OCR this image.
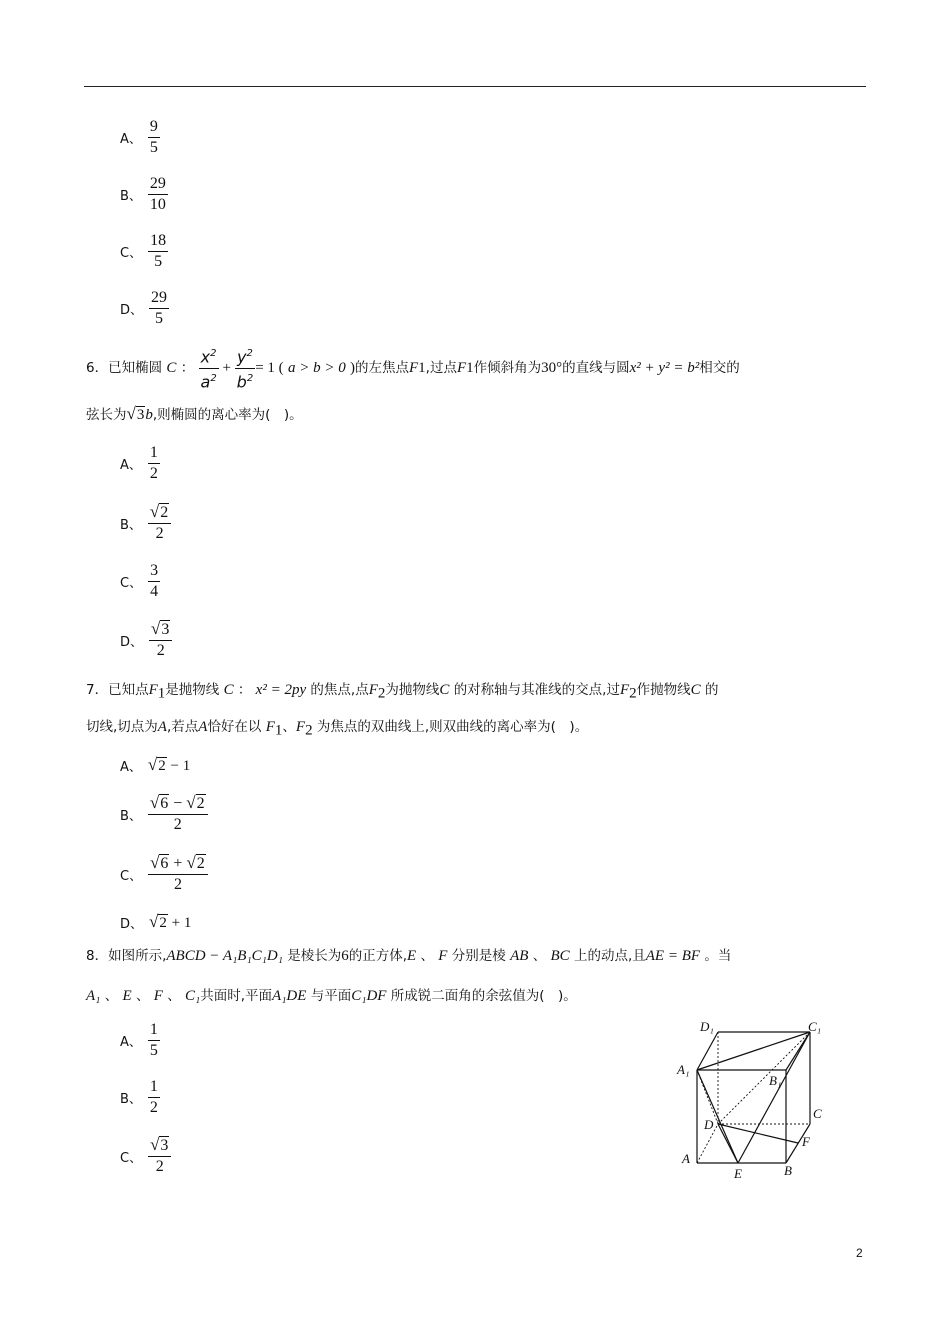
A、 $\frac{9}{5}$
B、 $\frac{29}{10}$
C、 $\frac{18}{5}$
D、 $\frac{29}{5}$
6． 已知椭圆
C
：
$\frac{x^2}{a^2} + \frac{y^2}{b^2} = 1$ (
a > b > 0
) 的左焦点 F 1 ,过点 F 1 作倾斜角为 30° 的直线与圆 x² + y² = b² 相交的
弦长为√3b,则椭圆的离心率为(　)。
A、 $\frac{1}{2}$
B、 $\frac{√2}{2}$
C、 $\frac{3}{4}$
D、 $\frac{√3}{2}$
7．已知点$F_1$是抛物线 C ： x² = 2py 的焦点,点$F_2$为抛物线C 的对称轴与其准线的交点,过$F_2$作抛物线C 的
切线,切点为A,若点A恰好在以 $F_1$、$F_2$ 为焦点的双曲线上,则双曲线的离心率为(　)。
A、 √2 − 1
B、 $\frac{√6 - √2}{2}$
C、 $\frac{√6 + √2}{2}$
D、 √2 + 1
8．如图所示,ABCD − A₁B₁C₁D₁ 是棱长为6的正方体,E 、 F 分别是棱 AB 、 BC 上的动点,且AE = BF 。当
A₁ 、 E 、 F 、 C₁共面时,平面A₁DE 与平面C₁DF 所成锐二面角的余弦值为(　)。
A、 $\frac{1}{5}$
B、 $\frac{1}{2}$
C、 $\frac{√3}{2}$
D₁	C₁
A₁
B₁
C
D
F
A
E	B
2
